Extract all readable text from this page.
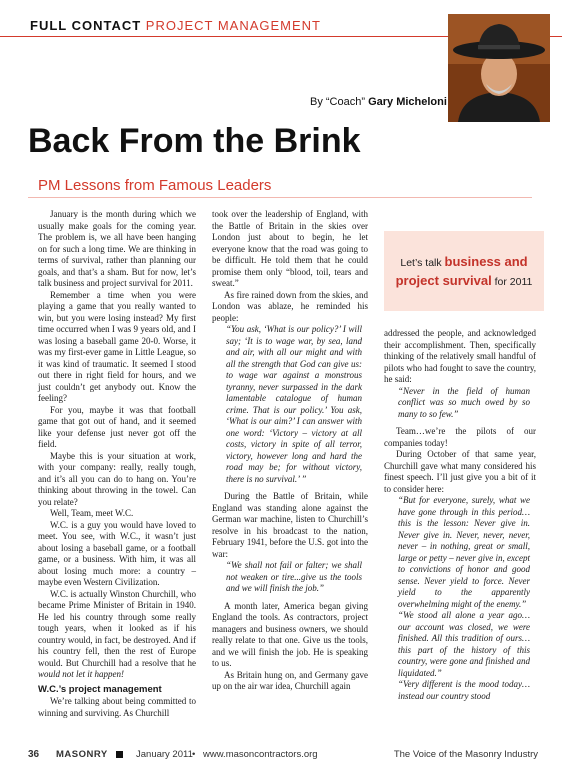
FULL CONTACT PROJECT MANAGEMENT
By “Coach” Gary Micheloni
Back From the Brink
PM Lessons from Famous Leaders

January is the month during which we usually make goals for the coming year. The problem is, we all have been hanging on for such a long time. We are thinking in terms of survival, rather than planning our goals, and that’s a sham. But for now, let’s talk business and project survival for 2011.

Remember a time when you were playing a game that you really wanted to win, but you were losing instead? My first time occurred when I was 9 years old, and I was losing a baseball game 20-0. Worse, it was my first-ever game in Little League, so it was kind of traumatic. It seemed I stood out there in right field for hours, and we just couldn’t get anybody out. Know the feeling?

For you, maybe it was that football game that got out of hand, and it seemed like your defense just never got off the field.

Maybe this is your situation at work, with your company: really, really tough, and it’s all you can do to hang on. You’re thinking about throwing in the towel. Can you relate?

Well, Team, meet W.C.

W.C. is a guy you would have loved to meet. You see, with W.C., it wasn’t just about losing a baseball game, or a football game, or a business. With him, it was all about losing much more: a country – maybe even Western Civilization.

W.C. is actually Winston Churchill, who became Prime Minister of Britain in 1940. He led his country through some really tough years, when it looked as if his country would, in fact, be destroyed. And if his country fell, then the rest of Europe would. But Churchill had a resolve that he would not let it happen!

W.C.’s project management

We’re talking about being committed to winning and surviving. As Churchill

took over the leadership of England, with the Battle of Britain in the skies over London just about to begin, he let everyone know that the road was going to be difficult. He told them that he could promise them only “blood, toil, tears and sweat.”

As fire rained down from the skies, and London was ablaze, he reminded his people:

“You ask, ‘What is our policy?’ I will say; ‘It is to wage war, by sea, land and air, with all our might and with all the strength that God can give us: to wage war against a monstrous tyranny, never surpassed in the dark lamentable catalogue of human crime. That is our policy.’ You ask, ‘What is our aim?’ I can answer with one word: ‘Victory – victory at all costs, victory in spite of all terror, victory, however long and hard the road may be; for without victory, there is no survival.’ ”

During the Battle of Britain, while England was standing alone against the German war machine, listen to Churchill’s resolve in his broadcast to the nation, February 1941, before the U.S. got into the war:

“We shall not fail or falter; we shall not weaken or tire...give us the tools and we will finish the job.”

A month later, America began giving England the tools. As contractors, project managers and business owners, we should really relate to that one. Give us the tools, and we will finish the job. He is speaking to us.

As Britain hung on, and Germany gave up on the air war idea, Churchill again

Let’s talk business and
project survival for 2011

addressed the people, and acknowledged their accomplishment. Then, specifically thinking of the relatively small handful of pilots who had fought to save the country, he said:

“Never in the field of human conflict was so much owed by so many to so few.”

Team…we’re the pilots of our companies today!

During October of that same year, Churchill gave what many considered his finest speech. I’ll just give you a bit of it to consider here:

“But for everyone, surely, what we have gone through in this period…this is the lesson: Never give in. Never give in. Never, never, never, never – in nothing, great or small, large or petty – never give in, except to convictions of honor and good sense. Never yield to force. Never yield to the apparently overwhelming might of the enemy.”

“We stood all alone a year ago… our account was closed, we were finished. All this tradition of ours…this part of the history of this country, were gone and finished and liquidated.”

“Very different is the mood today…instead our country stood

36 MASONRY	January 2011 • www.masoncontractors.org	The Voice of the Masonry Industry
